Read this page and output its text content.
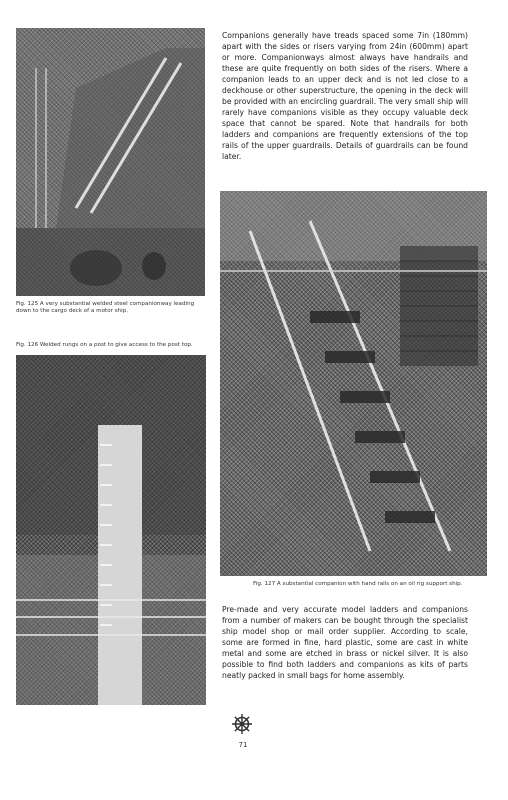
Fig. 125 A very substantial welded steel companionway leading down to the cargo deck of a motor ship.
Fig. 126 Welded rungs on a post to give access to the post top.
Companions generally have treads spaced some 7in (180mm) apart with the sides or risers varying from 24in (600mm) apart or more. Companionways almost always have handrails and these are quite frequently on both sides of the risers. Where a companion leads to an upper deck and is not led close to a deckhouse or other superstructure, the opening in the deck will be provided with an encircling guardrail. The very small ship will rarely have companions visible as they occupy valuable deck space that cannot be spared. Note that handrails for both ladders and companions are frequently extensions of the top rails of the upper guardrails. Details of guardrails can be found later.
Fig. 127 A substantial companion with hand rails on an oil rig support ship.
Pre-made and very accurate model ladders and companions from a number of makers can be bought through the specialist ship model shop or mail order supplier. According to scale, some are formed in fine, hard plastic, some are cast in white metal and some are etched in brass or nickel silver. It is also possible to find both ladders and companions as kits of parts neatly packed in small bags for home assembly.
71
